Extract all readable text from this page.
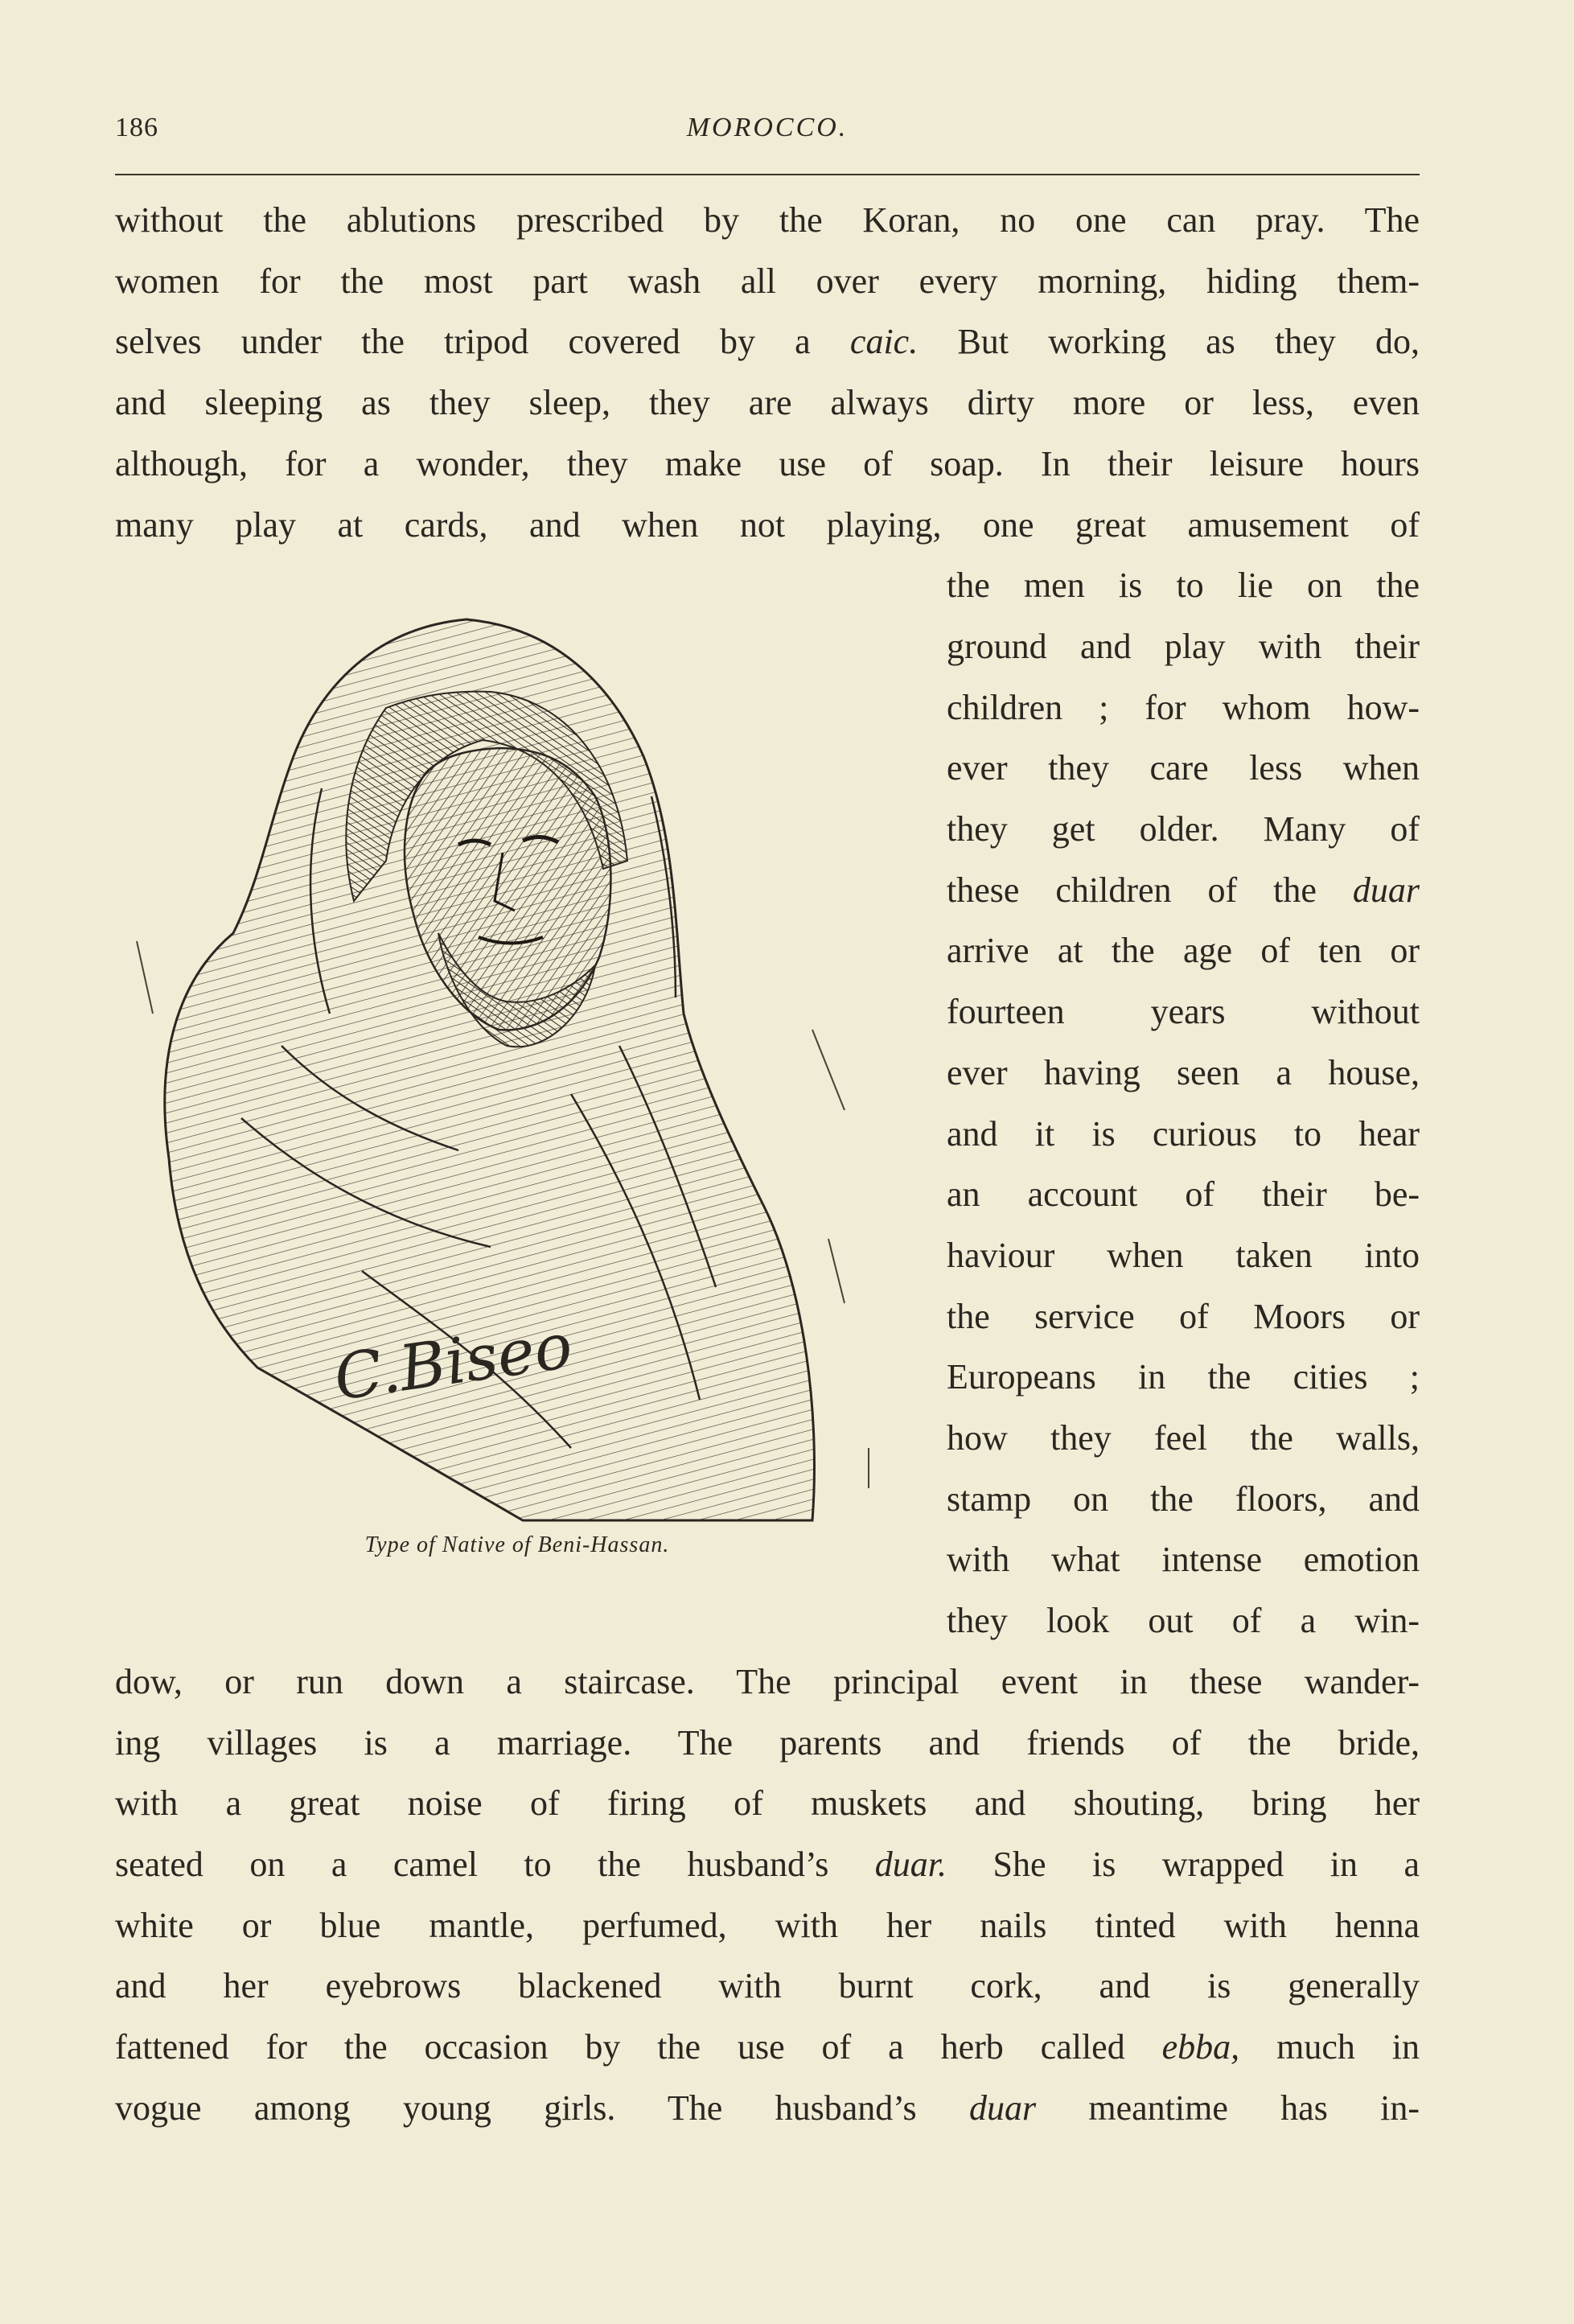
186	MOROCCO.
without the ablutions prescribed by the Koran, no one can pray. The
women for the most part wash all over every morning, hiding them-
selves under the tripod covered by a caic. But working as they do,
and sleeping as they sleep, they are always dirty more or less, even
although, for a wonder, they make use of soap. In their leisure hours
many play at cards, and when not playing, one great amusement of
the men is to lie on the
ground and play with their
children ; for whom how-
ever they care less when
they get older. Many of
these children of the duar
arrive at the age of ten or
fourteen years without
ever having seen a house,
and it is curious to hear
an account of their be-
haviour when taken into
the service of Moors or
Europeans in the cities ;
how they feel the walls,
stamp on the floors, and
with what intense emotion
they look out of a win-
dow, or run down a staircase. The principal event in these wander-
ing villages is a marriage. The parents and friends of the bride,
with a great noise of firing of muskets and shouting, bring her
seated on a camel to the husband’s duar. She is wrapped in a
white or blue mantle, perfumed, with her nails tinted with henna
and her eyebrows blackened with burnt cork, and is generally
fattened for the occasion by the use of a herb called ebba, much in
vogue among young girls. The husband’s duar meantime has in-
C.Biseo
Type of Native of Beni-Hassan.
